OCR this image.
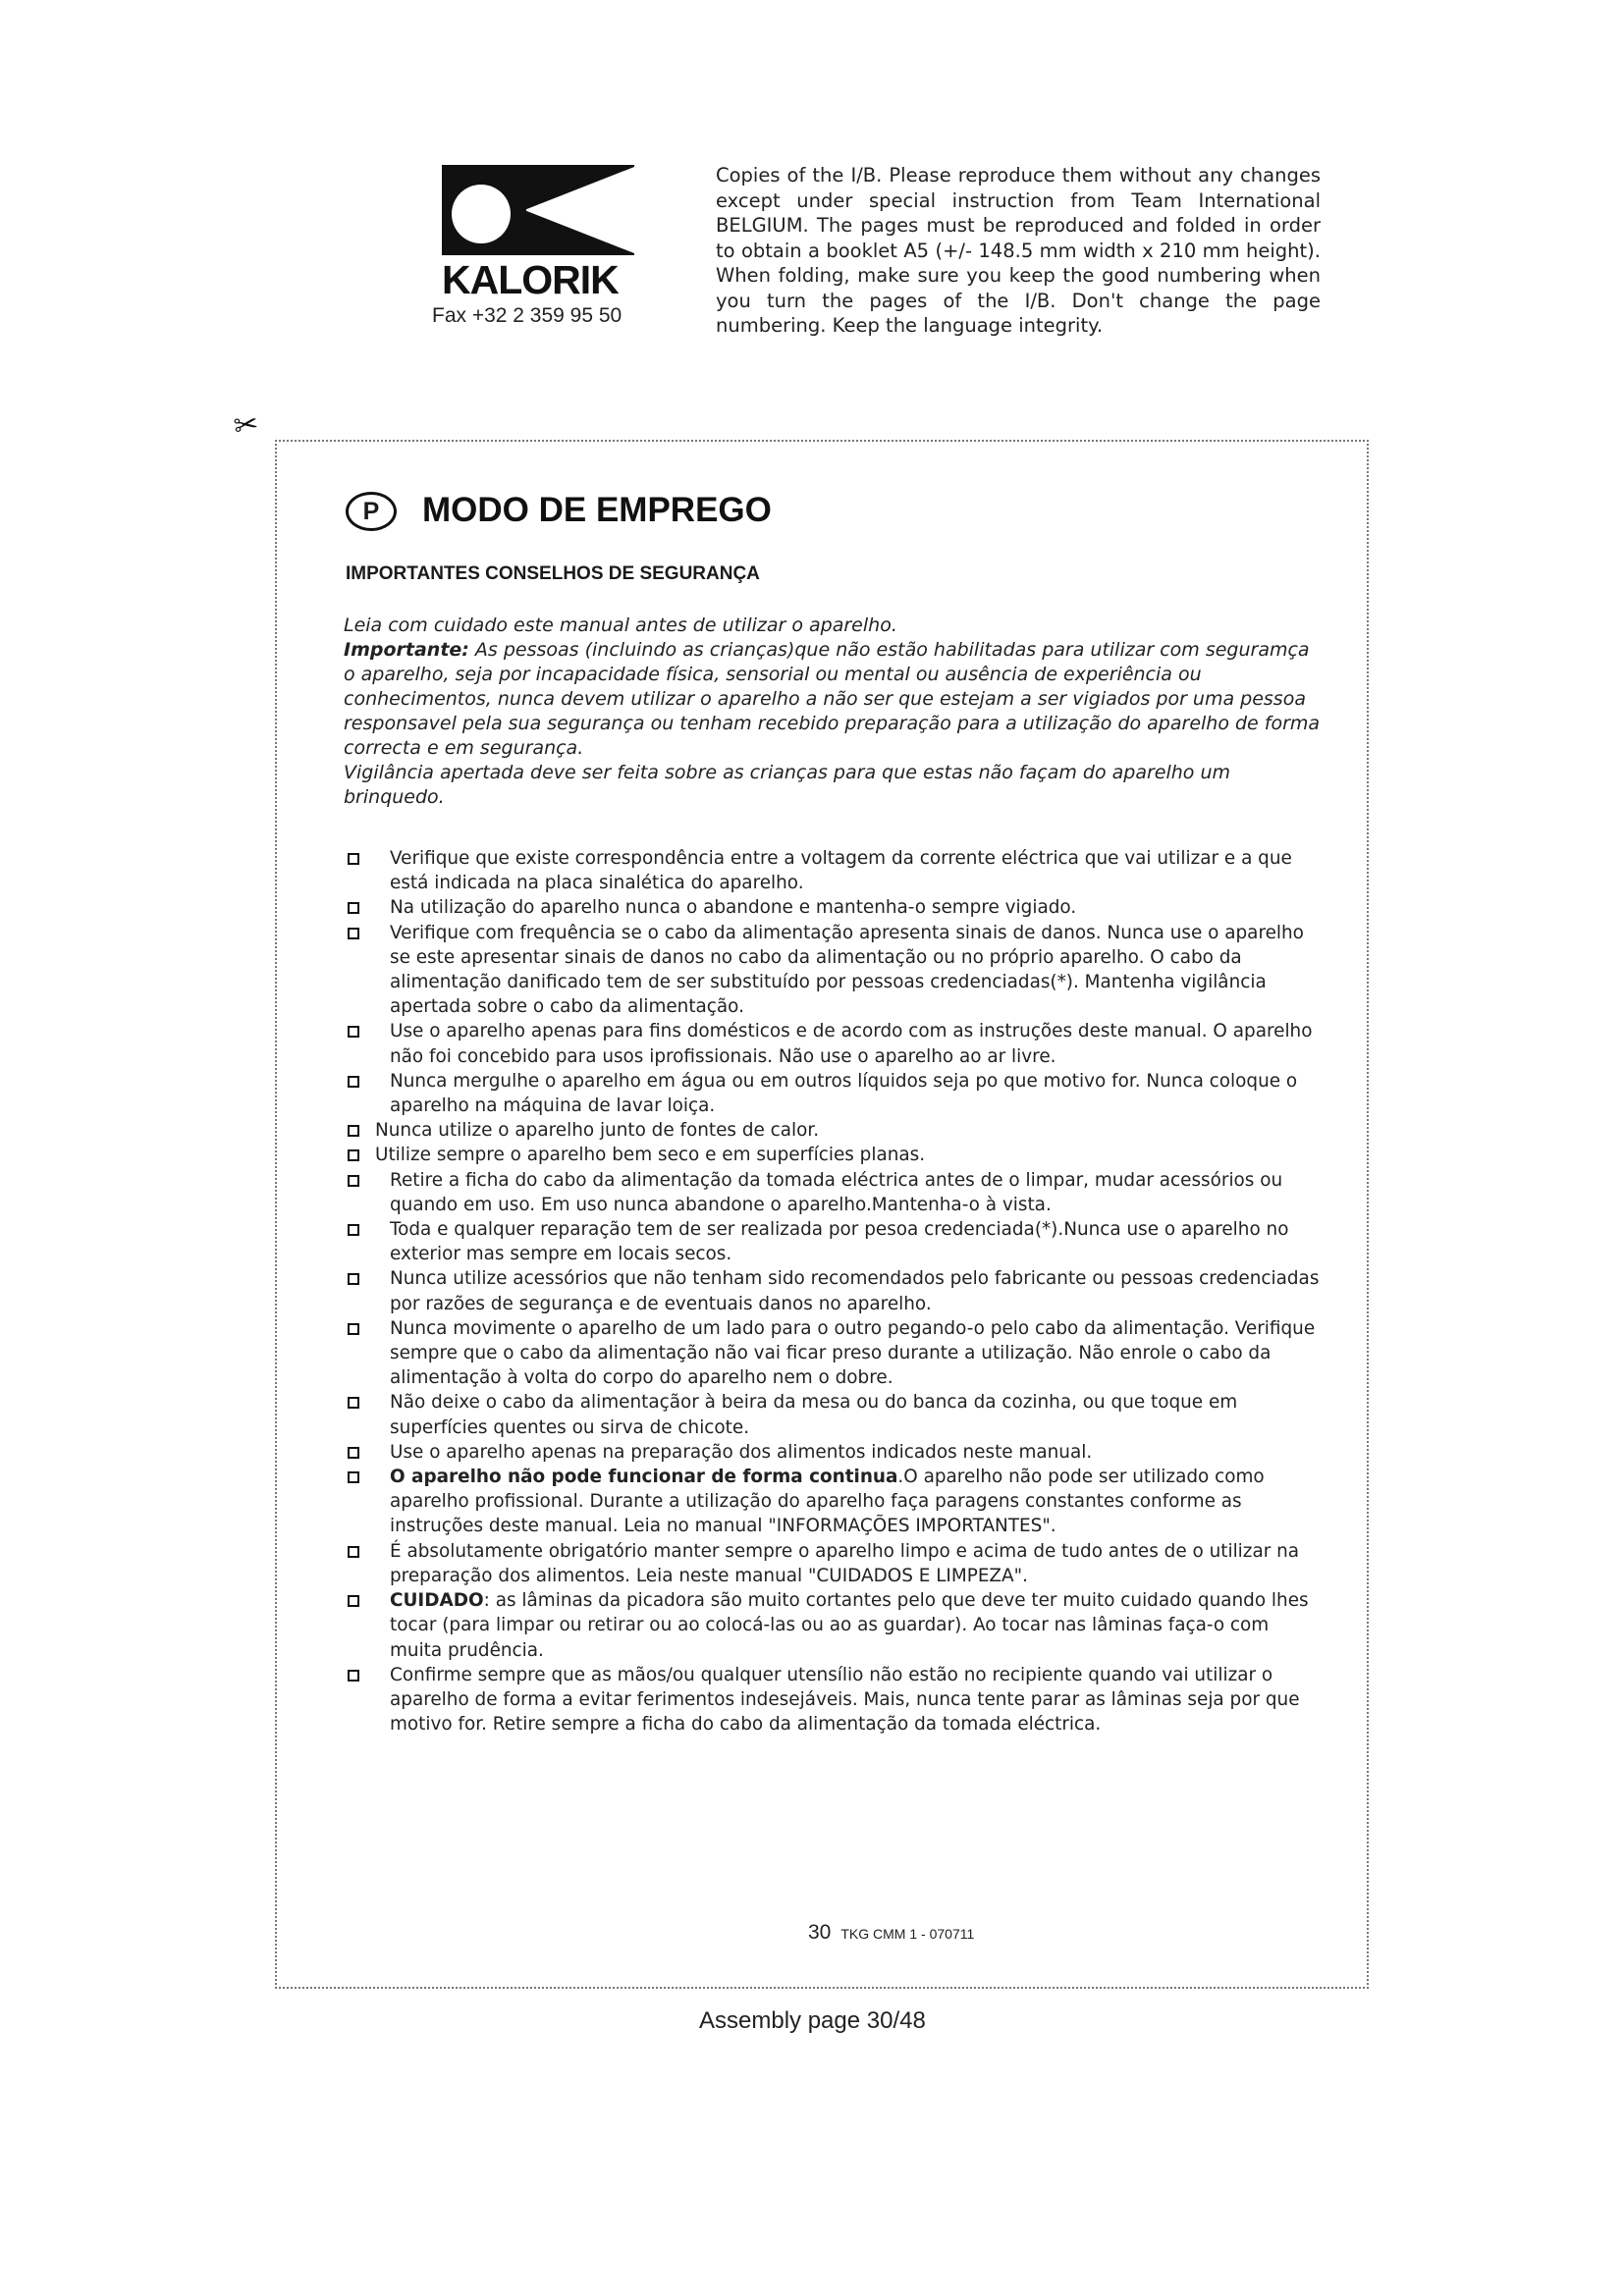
KALORIK
Fax +32 2 359 95 50
Copies of the I/B. Please reproduce them without any changes except under special instruction from Team International BELGIUM. The pages must be reproduced and folded in order to obtain a booklet A5 (+/- 148.5 mm width x 210 mm height). When folding, make sure you keep the good numbering when you turn the pages of the I/B. Don't change the page numbering. Keep the language integrity.
✂
P	MODO DE EMPREGO
IMPORTANTES CONSELHOS DE SEGURANÇA

Leia com cuidado este manual antes de utilizar o aparelho.

Importante: As pessoas (incluindo as crianças)que não estão habilitadas para utilizar com seguramça o aparelho, seja por incapacidade física, sensorial ou mental ou ausência de experiência ou conhecimentos, nunca devem utilizar o aparelho a não ser que estejam a ser vigiados por uma pessoa responsavel pela sua segurança ou tenham recebido preparação para a utilização do aparelho de forma correcta e em segurança.

Vigilância apertada deve ser feita sobre as crianças para que estas não façam do aparelho um brinquedo.

Verifique que existe correspondência entre a voltagem da corrente eléctrica que vai utilizar e a que está indicada na placa sinalética do aparelho.
Na utilização do aparelho nunca o abandone e mantenha-o sempre vigiado.
Verifique com frequência se o cabo da alimentação apresenta sinais de danos. Nunca use o aparelho se este apresentar sinais de danos no cabo da alimentação ou no próprio aparelho. O cabo da alimentação danificado tem de ser substituído por pessoas credenciadas(*). Mantenha vigilância apertada sobre o cabo da alimentação.
Use o aparelho apenas para fins domésticos e de acordo com as instruções deste manual. O aparelho não foi concebido para usos iprofissionais. Não use o aparelho ao ar livre.
Nunca mergulhe o aparelho em água ou em outros líquidos seja po que motivo for. Nunca coloque o aparelho na máquina de lavar loiça.
Nunca utilize o aparelho junto de fontes de calor.
Utilize sempre o aparelho bem seco e em superfícies planas.
Retire a ficha do cabo da alimentação da tomada eléctrica antes de o limpar, mudar acessórios ou quando em uso. Em uso nunca abandone o aparelho.Mantenha-o à vista.
Toda e qualquer reparação tem de ser realizada por pesoa credenciada(*).Nunca use o aparelho no exterior mas sempre em locais secos.
Nunca utilize acessórios que não tenham sido recomendados pelo fabricante ou pessoas credenciadas por razões de segurança e de eventuais danos no aparelho.
Nunca movimente o aparelho de um lado para o outro pegando-o pelo cabo da alimentação. Verifique sempre que o cabo da alimentação não vai ficar preso durante a utilização. Não enrole o cabo da alimentação à volta do corpo do aparelho nem o dobre.
Não deixe o cabo da alimentaçãor à beira da mesa ou do banca da cozinha, ou que toque em superfícies quentes ou sirva de chicote.
Use o aparelho apenas na preparação dos alimentos indicados neste manual.
O aparelho não pode funcionar de forma continua.O aparelho não pode ser utilizado como aparelho profissional. Durante a utilização do aparelho faça paragens constantes conforme as instruções deste manual. Leia no manual "INFORMAÇÕES IMPORTANTES".
É absolutamente obrigatório manter sempre o aparelho limpo e acima de tudo antes de o utilizar na preparação dos alimentos. Leia neste manual "CUIDADOS E LIMPEZA".
CUIDADO: as lâminas da picadora são muito cortantes pelo que deve ter muito cuidado quando lhes tocar (para limpar ou retirar ou ao colocá-las ou ao as guardar). Ao tocar nas lâminas faça-o com muita prudência.
Confirme sempre que as mãos/ou qualquer utensílio não estão no recipiente quando vai utilizar o aparelho de forma a evitar ferimentos indesejáveis. Mais, nunca tente parar as lâminas seja por que motivo for. Retire sempre a ficha do cabo da alimentação da tomada eléctrica.
30 TKG CMM 1 - 070711
Assembly page 30/48
